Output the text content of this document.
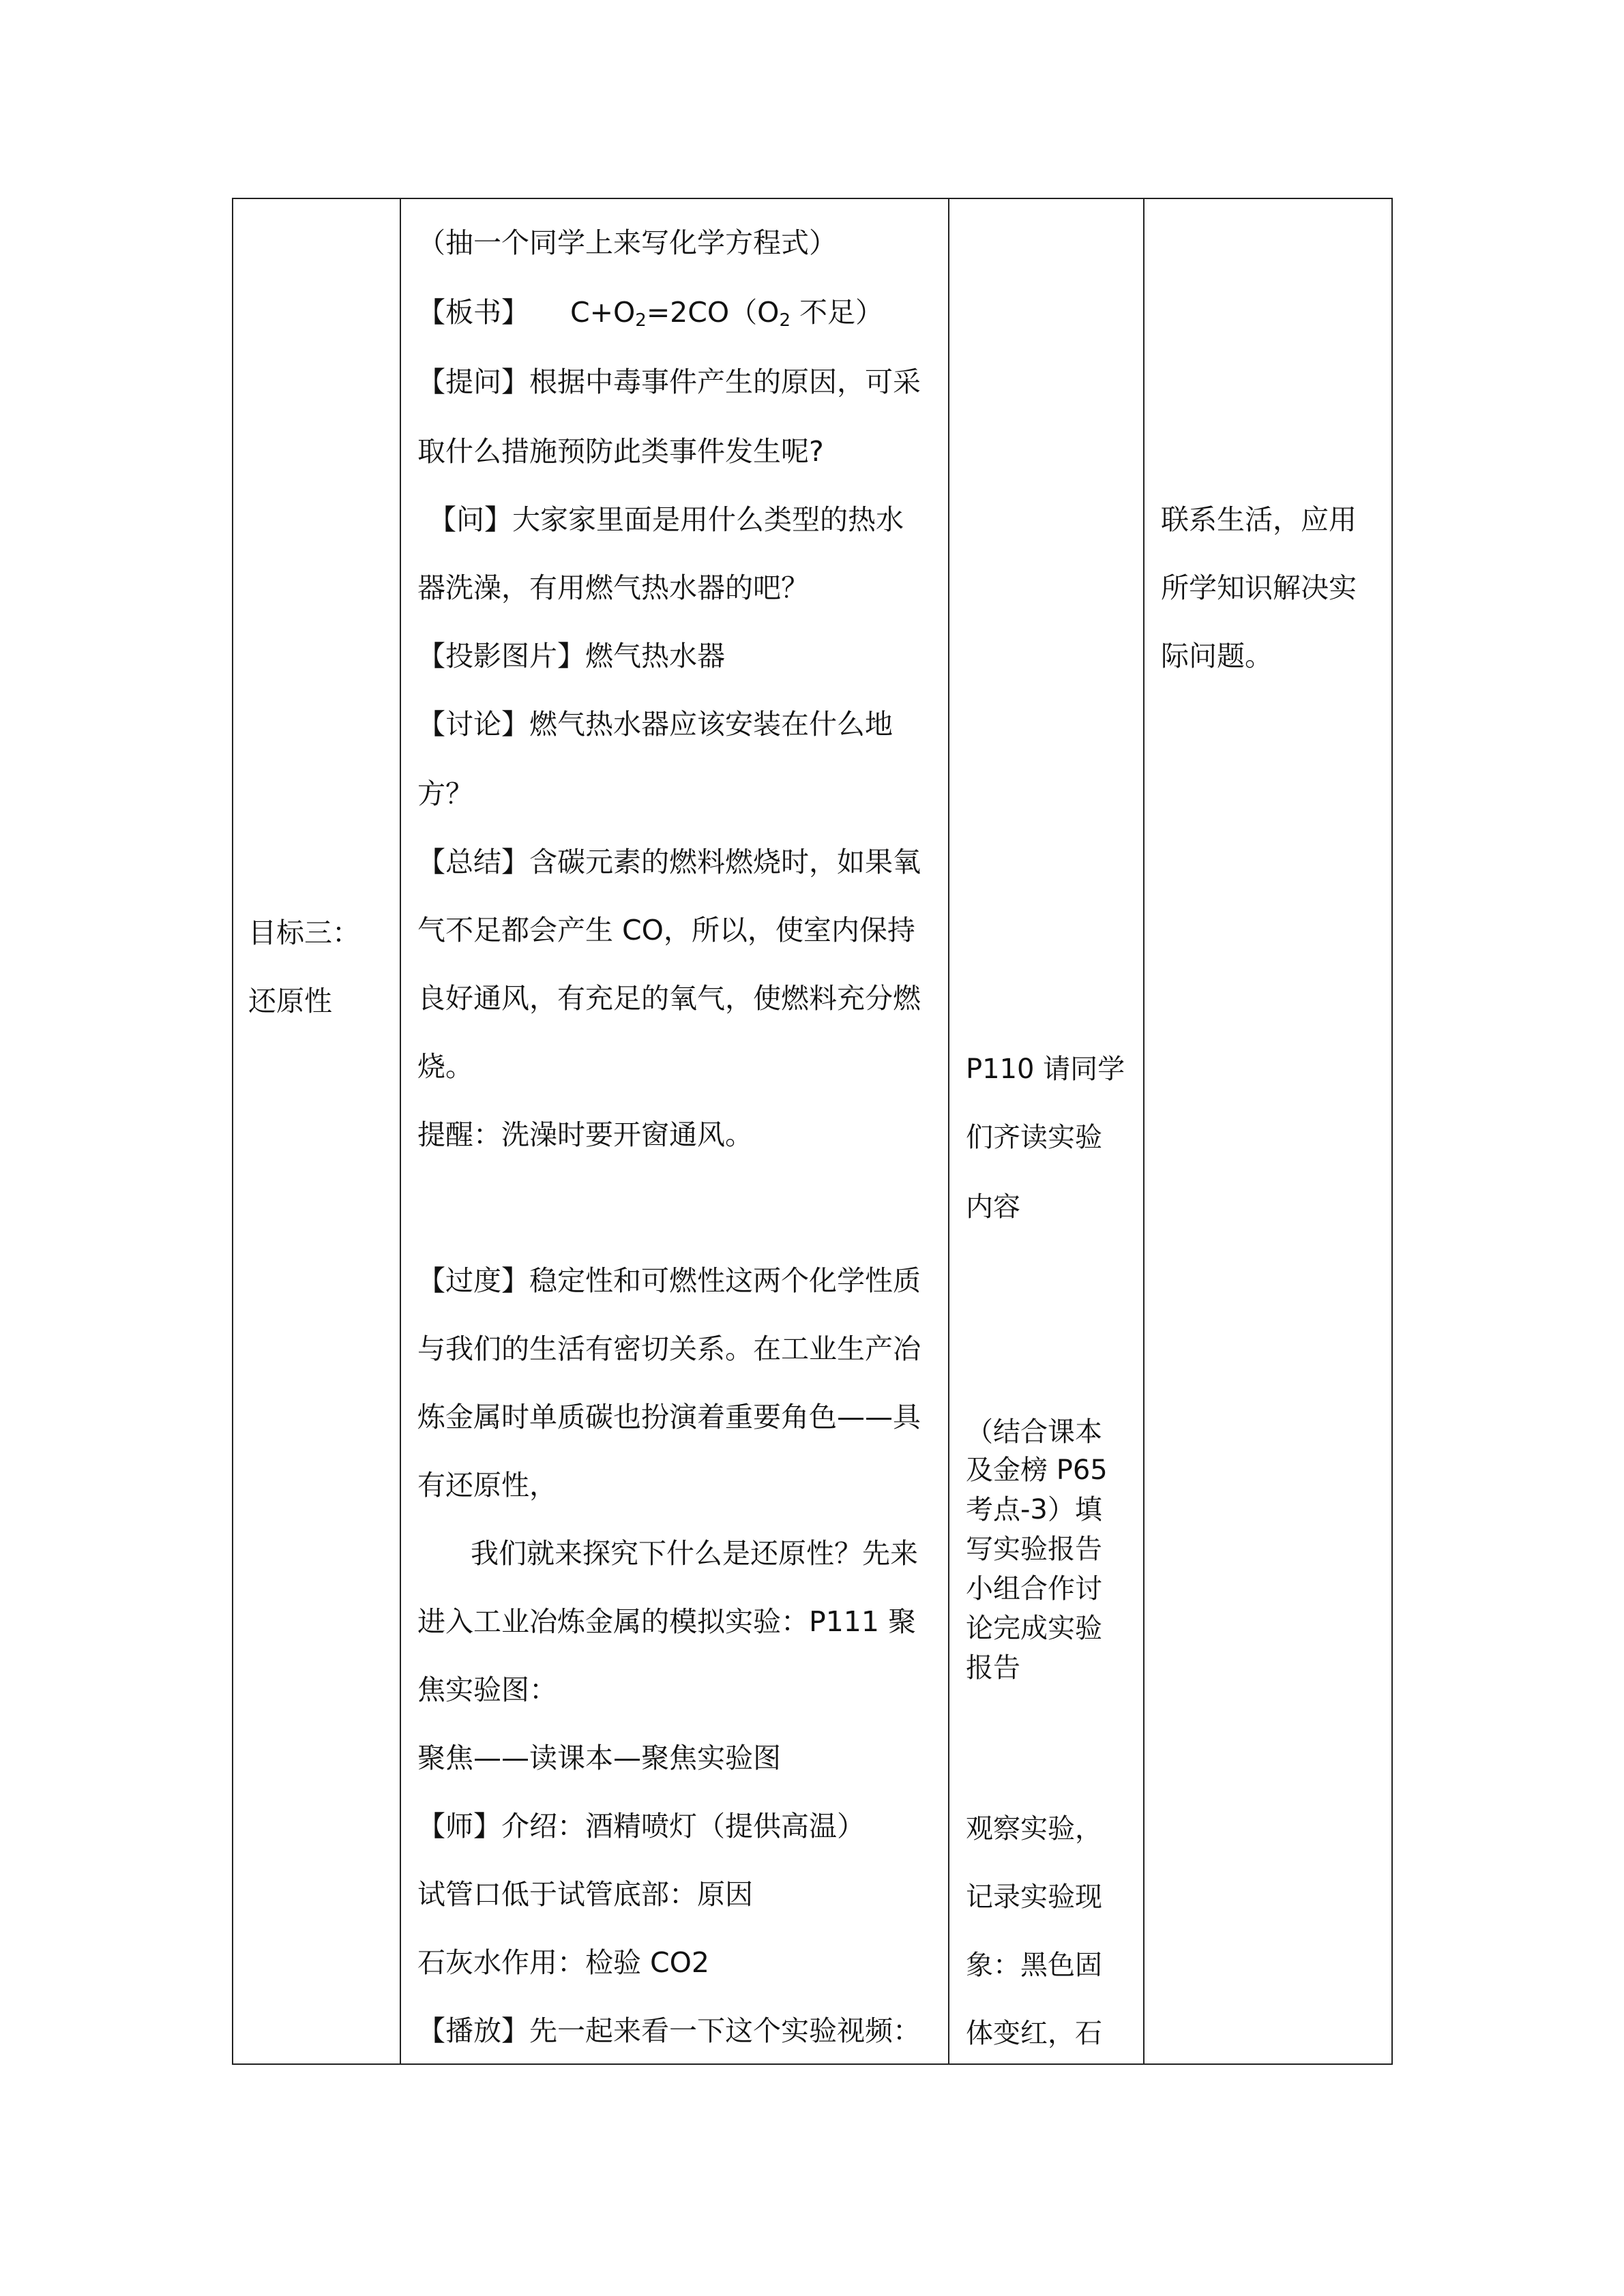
目标三：
还原性
（抽一个同学上来写化学方程式）
【板书】 $C+O_2=2CO(O_2$ 不足）
【提问】根据中毒事件产生的原因，可采
取什么措施预防此类事件发生呢?
【问】大家家里面是用什么类型的热水
器洗澡，有用燃气热水器的吧？
【投影图片】燃气热水器
【讨论】燃气热水器应该安装在什么地
方？
【总结】含碳元素的燃料燃烧时，如果氧
气不足都会产生 CO，所以，使室内保持
良好通风，有充足的氧气，使燃料充分燃
烧。
提醒：洗澡时要开窗通风。
【过度】稳定性和可燃性这两个化学性质
与我们的生活有密切关系。在工业生产冶
炼金属时单质碳也扮演着重要角色——具
有还原性，
我们就来探究下什么是还原性？先来
进入工业冶炼金属的模拟实验：P111 聚
焦实验图：
聚焦——读课本—聚焦实验图
【师】介绍：酒精喷灯（提供高温）
试管口低于试管底部：原因
石灰水作用：检验 CO2
【播放】先一起来看一下这个实验视频：
P110 请同学
们齐读实验
内容
（结合课本
及金榜 P65
考点-3）填
写实验报告
小组合作讨
论完成实验
报告
观察实验，
记录实验现
象：黑色固
体变红，石
联系生活，应用
所学知识解决实
际问题。
